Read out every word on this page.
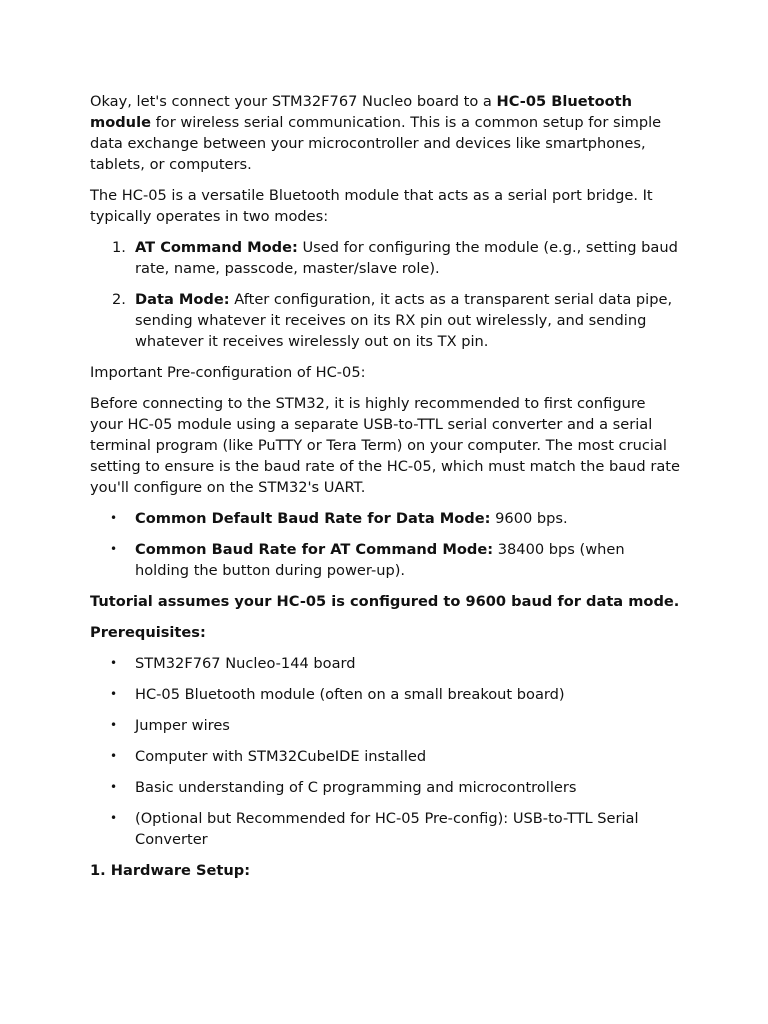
Okay, let's connect your STM32F767 Nucleo board to a HC-05 Bluetooth module for wireless serial communication. This is a common setup for simple data exchange between your microcontroller and devices like smartphones, tablets, or computers.

The HC-05 is a versatile Bluetooth module that acts as a serial port bridge. It typically operates in two modes:

1. AT Command Mode: Used for configuring the module (e.g., setting baud rate, name, passcode, master/slave role).
2. Data Mode: After configuration, it acts as a transparent serial data pipe, sending whatever it receives on its RX pin out wirelessly, and sending whatever it receives wirelessly out on its TX pin.

Important Pre-configuration of HC-05:

Before connecting to the STM32, it is highly recommended to first configure your HC-05 module using a separate USB-to-TTL serial converter and a serial terminal program (like PuTTY or Tera Term) on your computer. The most crucial setting to ensure is the baud rate of the HC-05, which must match the baud rate you'll configure on the STM32's UART.

• Common Default Baud Rate for Data Mode: 9600 bps.
• Common Baud Rate for AT Command Mode: 38400 bps (when holding the button during power-up).

Tutorial assumes your HC-05 is configured to 9600 baud for data mode.

Prerequisites:

• STM32F767 Nucleo-144 board
• HC-05 Bluetooth module (often on a small breakout board)
• Jumper wires
• Computer with STM32CubeIDE installed
• Basic understanding of C programming and microcontrollers
• (Optional but Recommended for HC-05 Pre-config): USB-to-TTL Serial Converter

1. Hardware Setup:
